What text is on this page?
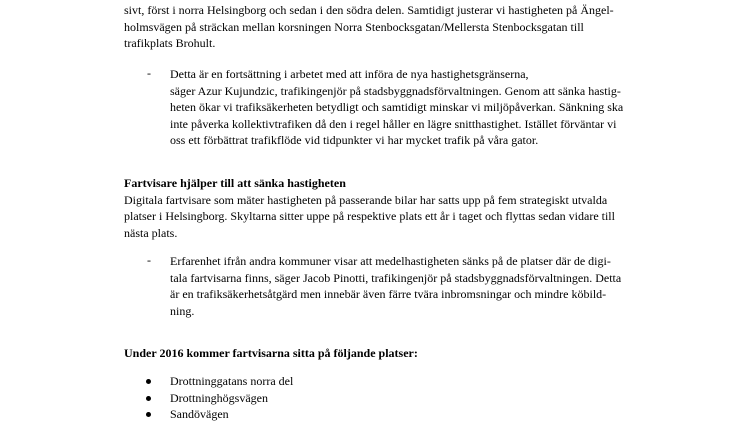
sivt, först i norra Helsingborg och sedan i den södra delen. Samtidigt justerar vi hastigheten på Ängel-
holmsvägen på sträckan mellan korsningen Norra Stenbocksgatan/Mellersta Stenbocksgatan till
trafikplats Brohult.
- Detta är en fortsättning i arbetet med att införa de nya hastighetsgränserna,
säger Azur Kujundzic, trafikingenjör på stadsbyggnadsförvaltningen. Genom att sänka hastig-
heten ökar vi trafiksäkerheten betydligt och samtidigt minskar vi miljöpåverkan. Sänkning ska
inte påverka kollektivtrafiken då den i regel håller en lägre snitthastighet. Istället förväntar vi
oss ett förbättrat trafikflöde vid tidpunkter vi har mycket trafik på våra gator.
Fartvisare hjälper till att sänka hastigheten
Digitala fartvisare som mäter hastigheten på passerande bilar har satts upp på fem strategiskt utvalda
platser i Helsingborg. Skyltarna sitter uppe på respektive plats ett år i taget och flyttas sedan vidare till
nästa plats.
- Erfarenhet ifrån andra kommuner visar att medelhastigheten sänks på de platser där de digi-
tala fartvisarna finns, säger Jacob Pinotti, trafikingenjör på stadsbyggnadsförvaltningen. Detta
är en trafiksäkerhetsåtgärd men innebär även färre tvära inbromsningar och mindre köbild-
ning.
Under 2016 kommer fartvisarna sitta på följande platser:
Drottninggatans norra del
Drottninghögsvägen
Sandövägen
